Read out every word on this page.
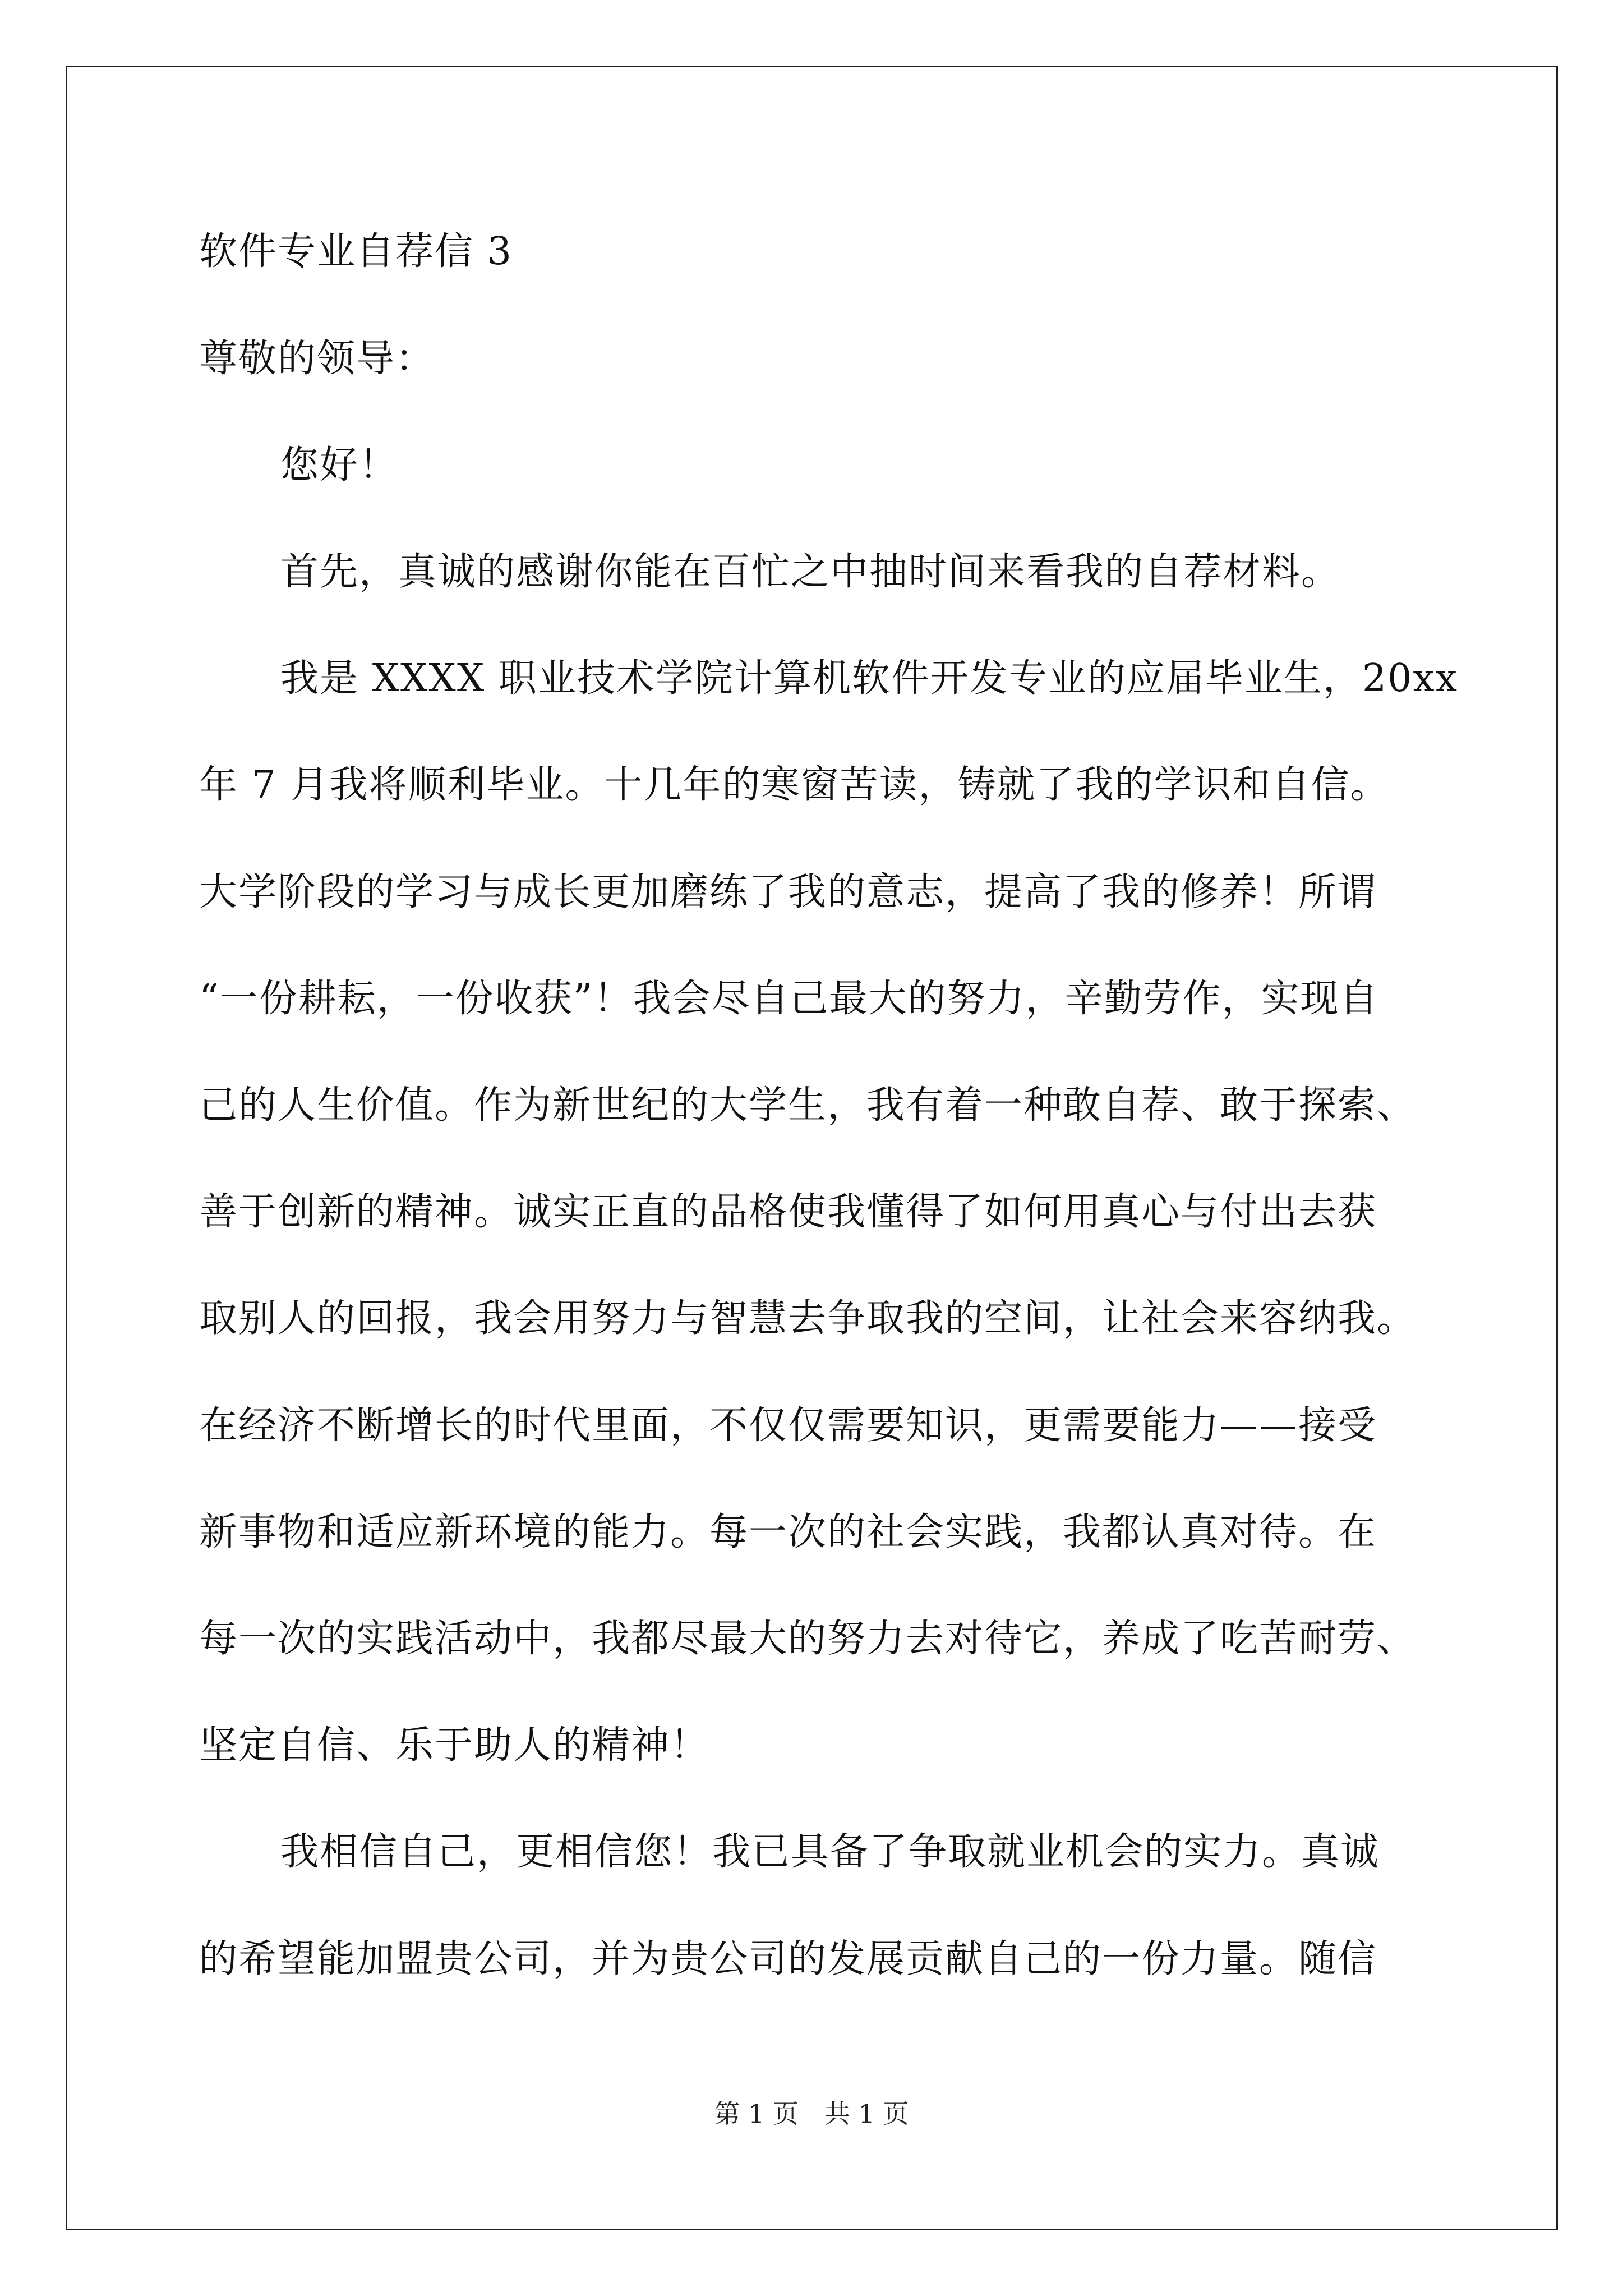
软件专业自荐信 3
尊敬的领导：
您好！
首先，真诚的感谢你能在百忙之中抽时间来看我的自荐材料。
我是 XXXX 职业技术学院计算机软件开发专业的应届毕业生，20xx
年 7 月我将顺利毕业。十几年的寒窗苦读，铸就了我的学识和自信。
大学阶段的学习与成长更加磨练了我的意志，提高了我的修养！所谓
“一份耕耘，一份收获”！我会尽自己最大的努力，辛勤劳作，实现自
己的人生价值。作为新世纪的大学生，我有着一种敢自荐、敢于探索、
善于创新的精神。诚实正直的品格使我懂得了如何用真心与付出去获
取别人的回报，我会用努力与智慧去争取我的空间，让社会来容纳我。
在经济不断增长的时代里面，不仅仅需要知识，更需要能力——接受
新事物和适应新环境的能力。每一次的社会实践，我都认真对待。在
每一次的实践活动中，我都尽最大的努力去对待它，养成了吃苦耐劳、
坚定自信、乐于助人的精神！
我相信自己，更相信您！我已具备了争取就业机会的实力。真诚
的希望能加盟贵公司，并为贵公司的发展贡献自己的一份力量。随信
第 1 页　共 1 页
